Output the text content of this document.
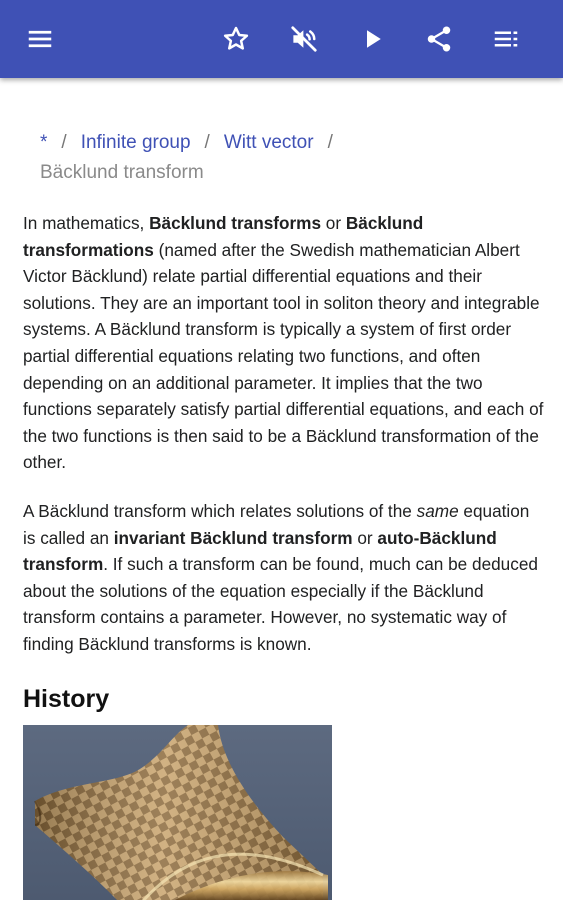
* / Infinite group / Witt vector /
Bäcklund transform

In mathematics, Bäcklund transforms or Bäcklund transformations (named after the Swedish mathematician Albert Victor Bäcklund) relate partial differential equations and their solutions. They are an important tool in soliton theory and integrable systems. A Bäcklund transform is typically a system of first order partial differential equations relating two functions, and often depending on an additional parameter. It implies that the two functions separately satisfy partial differential equations, and each of the two functions is then said to be a Bäcklund transformation of the other.

A Bäcklund transform which relates solutions of the same equation is called an invariant Bäcklund transform or auto-Bäcklund transform. If such a transform can be found, much can be deduced about the solutions of the equation especially if the Bäcklund transform contains a parameter. However, no systematic way of finding Bäcklund transforms is known.

History
